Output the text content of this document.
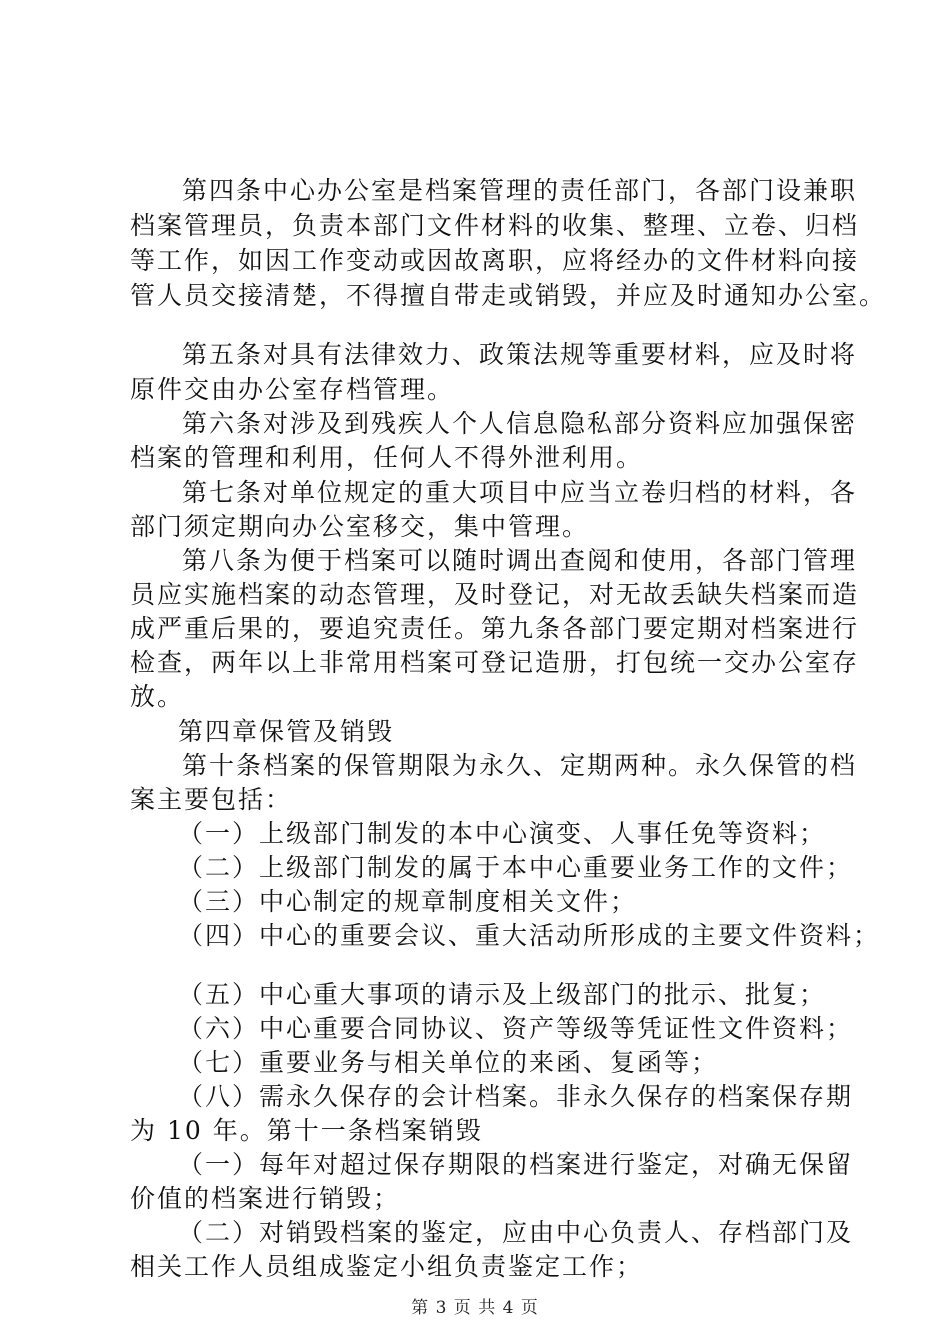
第四条中心办公室是档案管理的责任部门，各部门设兼职
档案管理员，负责本部门文件材料的收集、整理、立卷、归档
等工作，如因工作变动或因故离职，应将经办的文件材料向接
管人员交接清楚，不得擅自带走或销毁，并应及时通知办公室。
第五条对具有法律效力、政策法规等重要材料，应及时将
原件交由办公室存档管理。
第六条对涉及到残疾人个人信息隐私部分资料应加强保密
档案的管理和利用，任何人不得外泄利用。
第七条对单位规定的重大项目中应当立卷归档的材料，各
部门须定期向办公室移交，集中管理。
第八条为便于档案可以随时调出查阅和使用，各部门管理
员应实施档案的动态管理，及时登记，对无故丢缺失档案而造
成严重后果的，要追究责任。第九条各部门要定期对档案进行
检查，两年以上非常用档案可登记造册，打包统一交办公室存
放。
第四章保管及销毁
第十条档案的保管期限为永久、定期两种。永久保管的档
案主要包括：
（一）上级部门制发的本中心演变、人事任免等资料；
（二）上级部门制发的属于本中心重要业务工作的文件；
（三）中心制定的规章制度相关文件；
（四）中心的重要会议、重大活动所形成的主要文件资料；
（五）中心重大事项的请示及上级部门的批示、批复；
（六）中心重要合同协议、资产等级等凭证性文件资料；
（七）重要业务与相关单位的来函、复函等；
（八）需永久保存的会计档案。非永久保存的档案保存期
为 10 年。第十一条档案销毁
（一）每年对超过保存期限的档案进行鉴定，对确无保留
价值的档案进行销毁；
（二）对销毁档案的鉴定，应由中心负责人、存档部门及
相关工作人员组成鉴定小组负责鉴定工作；
第 3 页 共 4 页
